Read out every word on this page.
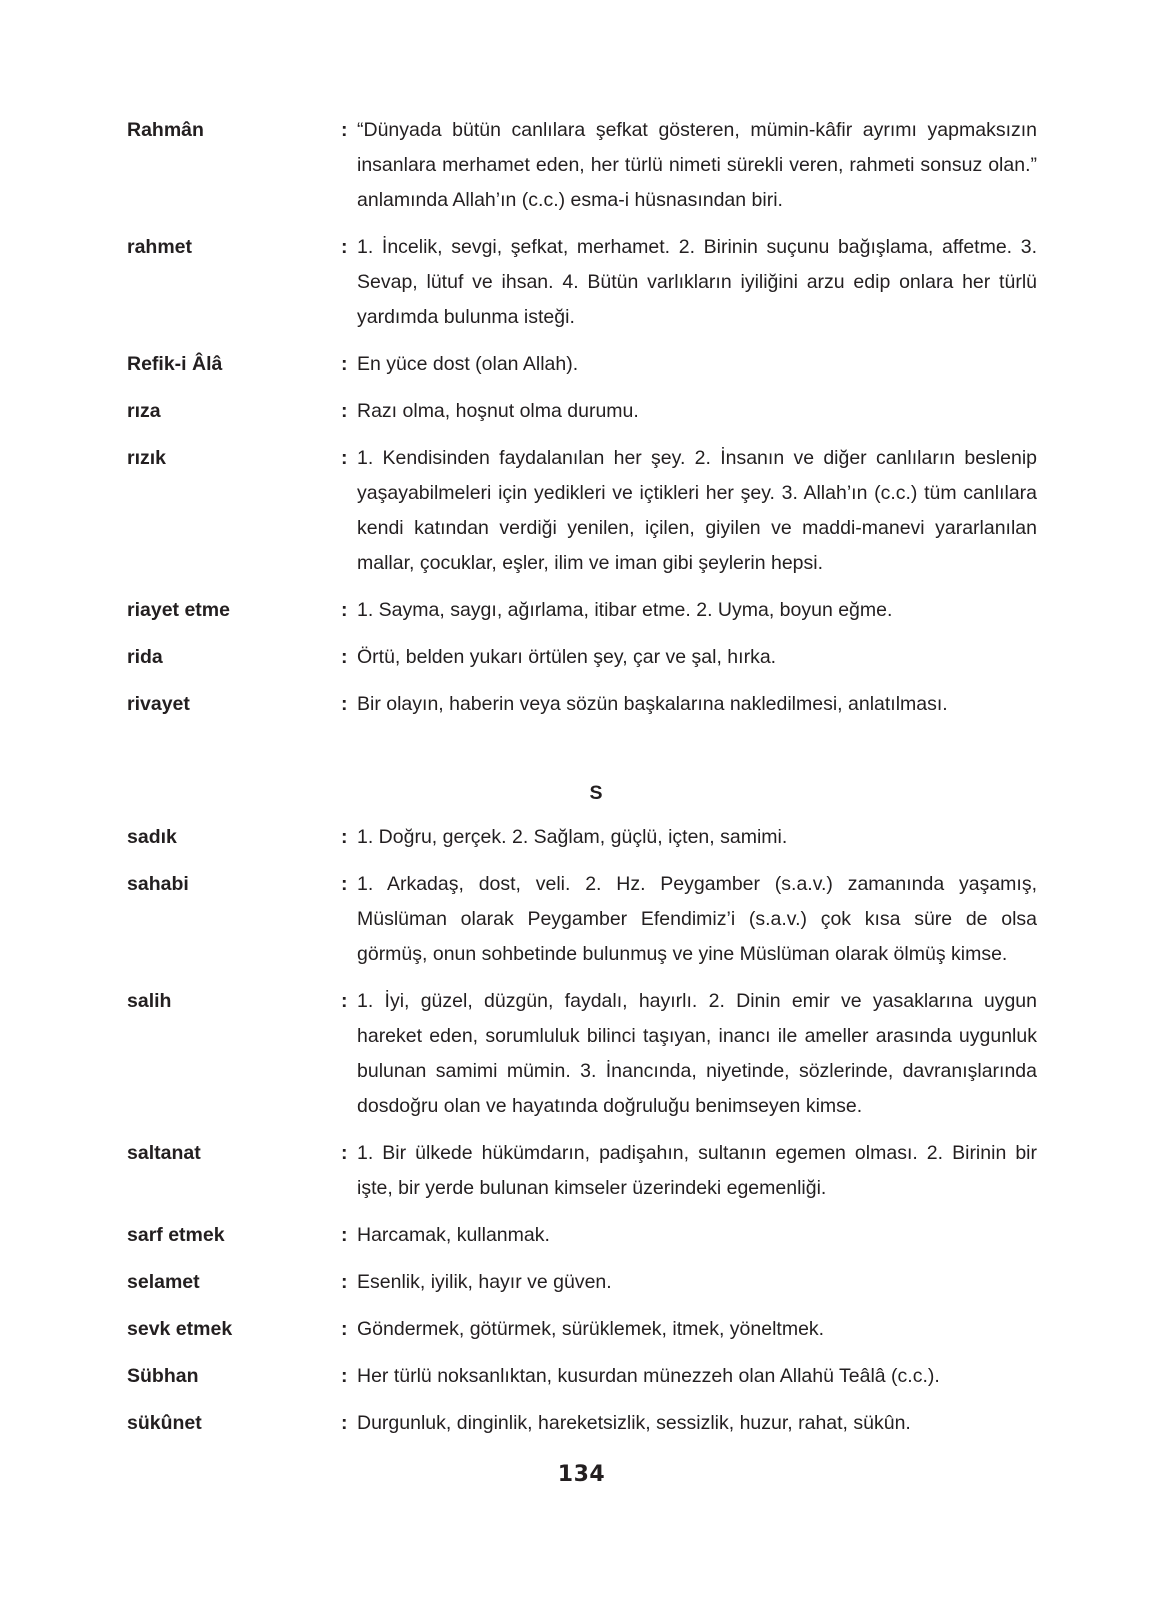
Rahmân	: “Dünyada bütün canlılara şefkat gösteren, mümin-kâfir ayrımı yapmaksızın insanlara merhamet eden, her türlü nimeti sürekli veren, rahmeti sonsuz olan.” anlamında Allah’ın (c.c.) esma-i hüsnasından biri.
rahmet	: 1. İncelik, sevgi, şefkat, merhamet. 2. Birinin suçunu bağışlama, affetme. 3. Sevap, lütuf ve ihsan. 4. Bütün varlıkların iyiliğini arzu edip onlara her türlü yardımda bulunma isteği.
Refik-i Âlâ	: En yüce dost (olan Allah).
rıza	: Razı olma, hoşnut olma durumu.
rızık	: 1. Kendisinden faydalanılan her şey. 2. İnsanın ve diğer canlıların beslenip yaşayabilmeleri için yedikleri ve içtikleri her şey. 3. Allah’ın (c.c.) tüm canlılara kendi katından verdiği yenilen, içilen, giyilen ve maddi-manevi yararlanılan mallar, çocuklar, eşler, ilim ve iman gibi şeylerin hepsi.
riayet etme	: 1. Sayma, saygı, ağırlama, itibar etme. 2. Uyma, boyun eğme.
rida	: Örtü, belden yukarı örtülen şey, çar ve şal, hırka.
rivayet	: Bir olayın, haberin veya sözün başkalarına nakledilmesi, anlatılması.
S
sadık	: 1. Doğru, gerçek. 2. Sağlam, güçlü, içten, samimi.
sahabi	: 1. Arkadaş, dost, veli. 2. Hz. Peygamber (s.a.v.) zamanında yaşamış, Müslüman olarak Peygamber Efendimiz’i (s.a.v.) çok kısa süre de olsa görmüş, onun sohbetinde bulunmuş ve yine Müslüman olarak ölmüş kimse.
salih	: 1. İyi, güzel, düzgün, faydalı, hayırlı. 2. Dinin emir ve yasaklarına uygun hareket eden, sorumluluk bilinci taşıyan, inancı ile ameller arasında uygunluk bulunan samimi mümin. 3. İnancında, niyetinde, sözlerinde, davranışlarında dosdoğru olan ve hayatında doğruluğu benimseyen kimse.
saltanat	: 1. Bir ülkede hükümdarın, padişahın, sultanın egemen olması. 2. Birinin bir işte, bir yerde bulunan kimseler üzerindeki egemenliği.
sarf etmek	: Harcamak, kullanmak.
selamet	: Esenlik, iyilik, hayır ve güven.
sevk etmek	: Göndermek, götürmek, sürüklemek, itmek, yöneltmek.
Sübhan	: Her türlü noksanlıktan, kusurdan münezzeh olan Allahü Teâlâ (c.c.).
sükûnet	: Durgunluk, dinginlik, hareketsizlik, sessizlik, huzur, rahat, sükûn.
134
